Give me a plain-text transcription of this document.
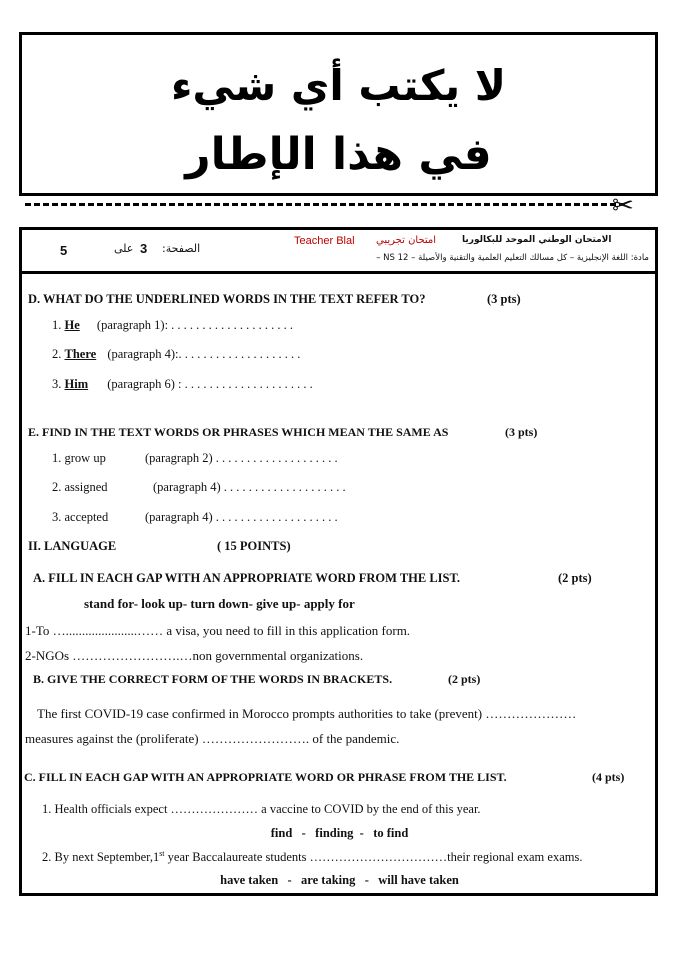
لا يكتب أي شيء
في هذا الإطار
✂
5	على 3 الصفحة:
Teacher Blal امتحان تجريبي	الامتحان الوطني الموحد للبكالوريا
مادة: اللغة الإنجليزية – كل مسالك التعليم العلمية والتقنية والأصيلة – NS 12 –
D. WHAT DO THE UNDERLINED WORDS IN THE TEXT REFER TO?	(3 pts)
1. He (paragraph 1): . . . . . . . . . . . . . . . . . . . .
2. There (paragraph 4):. . . . . . . . . . . . . . . . . . . .
3. Him (paragraph 6) : . . . . . . . . . . . . . . . . . . . . .
E. FIND IN THE TEXT WORDS OR PHRASES WHICH MEAN THE SAME AS	(3 pts)
1. grow up	(paragraph 2) . . . . . . . . . . . . . . . . . . . .
2. assigned	(paragraph 4) . . . . . . . . . . . . . . . . . . . .
3. accepted	(paragraph 4) . . . . . . . . . . . . . . . . . . . .
II. LANGUAGE	( 15 POINTS)
A. FILL IN EACH GAP WITH AN APPROPRIATE WORD FROM THE LIST.	(2 pts)
stand for- look up- turn down- give up- apply for
1-To …......................…… a visa, you need to fill in this application form.
2-NGOs …………………….…non governmental organizations.
B. GIVE THE CORRECT FORM OF THE WORDS IN BRACKETS.	(2 pts)
The first COVID-19 case confirmed in Morocco prompts authorities to take (prevent) …………………
measures against the (proliferate) ……………………. of the pandemic.
C. FILL IN EACH GAP WITH AN APPROPRIATE WORD OR PHRASE FROM THE LIST.	(4 pts)
1. Health officials expect ………………… a vaccine to COVID by the end of this year.
find   -   finding  -   to find
2. By next September,1st year Baccalaureate students ……………………………their regional exam exams.
have taken   -   are taking   -   will have taken
